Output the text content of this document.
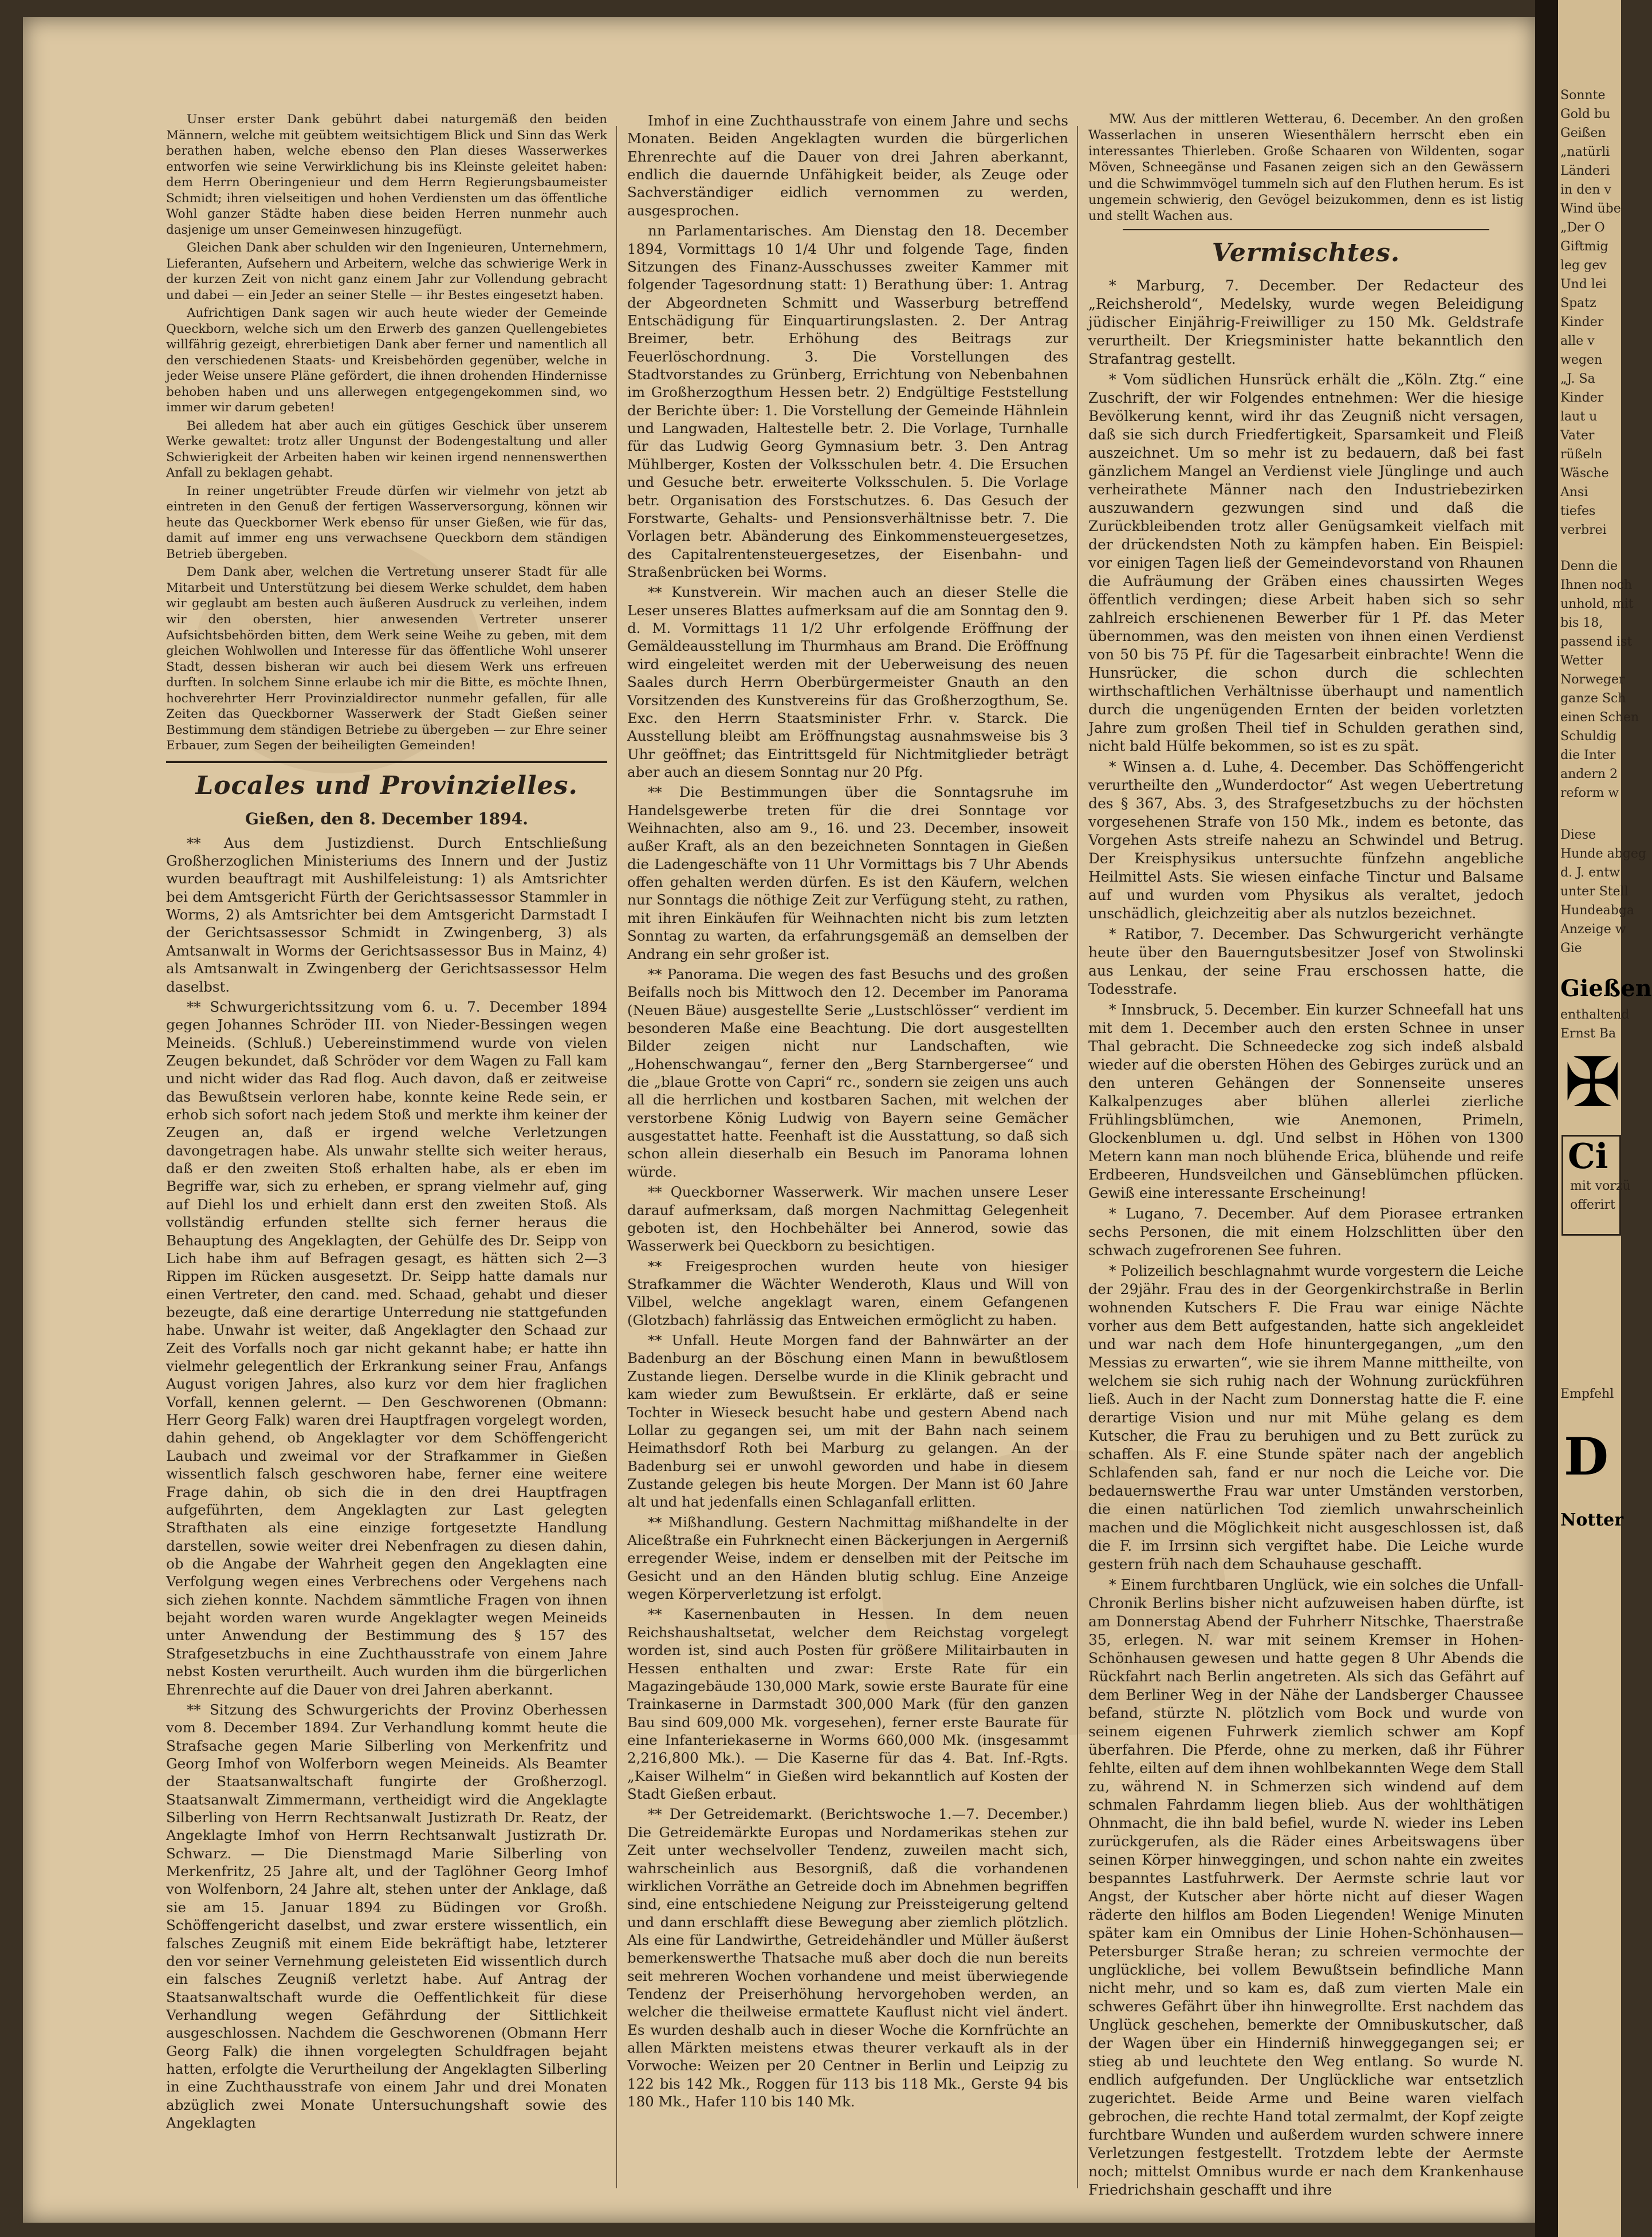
Unser erster Dank gebührt dabei naturgemäß den beiden Männern, welche mit geübtem weitsichtigem Blick und Sinn das Werk berathen haben, welche ebenso den Plan dieses Wasserwerkes entworfen wie seine Verwirklichung bis ins Kleinste geleitet haben: dem Herrn Oberingenieur und dem Herrn Regierungsbaumeister Schmidt; ihren vielseitigen und hohen Verdiensten um das öffentliche Wohl ganzer Städte haben diese beiden Herren nunmehr auch dasjenige um unser Gemeinwesen hinzugefügt.

Gleichen Dank aber schulden wir den Ingenieuren, Unternehmern, Lieferanten, Aufsehern und Arbeitern, welche das schwierige Werk in der kurzen Zeit von nicht ganz einem Jahr zur Vollendung gebracht und dabei — ein Jeder an seiner Stelle — ihr Bestes eingesetzt haben.

Aufrichtigen Dank sagen wir auch heute wieder der Gemeinde Queckborn, welche sich um den Erwerb des ganzen Quellengebietes willfährig gezeigt, ehrerbietigen Dank aber ferner und namentlich all den verschiedenen Staats- und Kreisbehörden gegenüber, welche in jeder Weise unsere Pläne gefördert, die ihnen drohenden Hindernisse behoben haben und uns allerwegen entgegengekommen sind, wo immer wir darum gebeten!

Bei alledem hat aber auch ein gütiges Geschick über unserem Werke gewaltet: trotz aller Ungunst der Bodengestaltung und aller Schwierigkeit der Arbeiten haben wir keinen irgend nennenswerthen Anfall zu beklagen gehabt.

In reiner ungetrübter Freude dürfen wir vielmehr von jetzt ab eintreten in den Genuß der fertigen Wasserversorgung, können wir heute das Queckborner Werk ebenso für unser Gießen, wie für das, damit auf immer eng uns verwachsene Queckborn dem ständigen Betrieb übergeben.

Dem Dank aber, welchen die Vertretung unserer Stadt für alle Mitarbeit und Unterstützung bei diesem Werke schuldet, dem haben wir geglaubt am besten auch äußeren Ausdruck zu verleihen, indem wir den obersten, hier anwesenden Vertreter unserer Aufsichtsbehörden bitten, dem Werk seine Weihe zu geben, mit dem gleichen Wohlwollen und Interesse für das öffentliche Wohl unserer Stadt, dessen bisheran wir auch bei diesem Werk uns erfreuen durften. In solchem Sinne erlaube ich mir die Bitte, es möchte Ihnen, hochverehrter Herr Provinzialdirector nunmehr gefallen, für alle Zeiten das Queckborner Wasserwerk der Stadt Gießen seiner Bestimmung dem ständigen Betriebe zu übergeben — zur Ehre seiner Erbauer, zum Segen der beiheiligten Gemeinden!

Locales und Provinzielles.
Gießen, den 8. December 1894.

** Aus dem Justizdienst. Durch Entschließung Großherzoglichen Ministeriums des Innern und der Justiz wurden beauftragt mit Aushilfeleistung: 1) als Amtsrichter bei dem Amtsgericht Fürth der Gerichtsassessor Stammler in Worms, 2) als Amtsrichter bei dem Amtsgericht Darmstadt I der Gerichtsassessor Schmidt in Zwingenberg, 3) als Amtsanwalt in Worms der Gerichtsassessor Bus in Mainz, 4) als Amtsanwalt in Zwingenberg der Gerichtsassessor Helm daselbst.

** Schwurgerichtssitzung vom 6. u. 7. December 1894 gegen Johannes Schröder III. von Nieder-Bessingen wegen Meineids. (Schluß.) Uebereinstimmend wurde von vielen Zeugen bekundet, daß Schröder vor dem Wagen zu Fall kam und nicht wider das Rad flog. Auch davon, daß er zeitweise das Bewußtsein verloren habe, konnte keine Rede sein, er erhob sich sofort nach jedem Stoß und merkte ihm keiner der Zeugen an, daß er irgend welche Verletzungen davongetragen habe. Als unwahr stellte sich weiter heraus, daß er den zweiten Stoß erhalten habe, als er eben im Begriffe war, sich zu erheben, er sprang vielmehr auf, ging auf Diehl los und erhielt dann erst den zweiten Stoß. Als vollständig erfunden stellte sich ferner heraus die Behauptung des Angeklagten, der Gehülfe des Dr. Seipp von Lich habe ihm auf Befragen gesagt, es hätten sich 2—3 Rippen im Rücken ausgesetzt. Dr. Seipp hatte damals nur einen Vertreter, den cand. med. Schaad, gehabt und dieser bezeugte, daß eine derartige Unterredung nie stattgefunden habe. Unwahr ist weiter, daß Angeklagter den Schaad zur Zeit des Vorfalls noch gar nicht gekannt habe; er hatte ihn vielmehr gelegentlich der Erkrankung seiner Frau, Anfangs August vorigen Jahres, also kurz vor dem hier fraglichen Vorfall, kennen gelernt. — Den Geschworenen (Obmann: Herr Georg Falk) waren drei Hauptfragen vorgelegt worden, dahin gehend, ob Angeklagter vor dem Schöffengericht Laubach und zweimal vor der Strafkammer in Gießen wissentlich falsch geschworen habe, ferner eine weitere Frage dahin, ob sich die in den drei Hauptfragen aufgeführten, dem Angeklagten zur Last gelegten Strafthaten als eine einzige fortgesetzte Handlung darstellen, sowie weiter drei Nebenfragen zu diesen dahin, ob die Angabe der Wahrheit gegen den Angeklagten eine Verfolgung wegen eines Verbrechens oder Vergehens nach sich ziehen konnte. Nachdem sämmtliche Fragen von ihnen bejaht worden waren wurde Angeklagter wegen Meineids unter Anwendung der Bestimmung des § 157 des Strafgesetzbuchs in eine Zuchthausstrafe von einem Jahre nebst Kosten verurtheilt. Auch wurden ihm die bürgerlichen Ehrenrechte auf die Dauer von drei Jahren aberkannt.

** Sitzung des Schwurgerichts der Provinz Oberhessen vom 8. December 1894. Zur Verhandlung kommt heute die Strafsache gegen Marie Silberling von Merkenfritz und Georg Imhof von Wolferborn wegen Meineids. Als Beamter der Staatsanwaltschaft fungirte der Großherzogl. Staatsanwalt Zimmermann, vertheidigt wird die Angeklagte Silberling von Herrn Rechtsanwalt Justizrath Dr. Reatz, der Angeklagte Imhof von Herrn Rechtsanwalt Justizrath Dr. Schwarz. — Die Dienstmagd Marie Silberling von Merkenfritz, 25 Jahre alt, und der Taglöhner Georg Imhof von Wolfenborn, 24 Jahre alt, stehen unter der Anklage, daß sie am 15. Januar 1894 zu Büdingen vor Großh. Schöffengericht daselbst, und zwar erstere wissentlich, ein falsches Zeugniß mit einem Eide bekräftigt habe, letzterer den vor seiner Vernehmung geleisteten Eid wissentlich durch ein falsches Zeugniß verletzt habe. Auf Antrag der Staatsanwaltschaft wurde die Oeffentlichkeit für diese Verhandlung wegen Gefährdung der Sittlichkeit ausgeschlossen. Nachdem die Geschworenen (Obmann Herr Georg Falk) die ihnen vorgelegten Schuldfragen bejaht hatten, erfolgte die Verurtheilung der Angeklagten Silberling in eine Zuchthausstrafe von einem Jahr und drei Monaten abzüglich zwei Monate Untersuchungshaft sowie des Angeklagten

Imhof in eine Zuchthausstrafe von einem Jahre und sechs Monaten. Beiden Angeklagten wurden die bürgerlichen Ehrenrechte auf die Dauer von drei Jahren aberkannt, endlich die dauernde Unfähigkeit beider, als Zeuge oder Sachverständiger eidlich vernommen zu werden, ausgesprochen.

nn Parlamentarisches. Am Dienstag den 18. December 1894, Vormittags 10 1/4 Uhr und folgende Tage, finden Sitzungen des Finanz-Ausschusses zweiter Kammer mit folgender Tagesordnung statt: 1) Berathung über: 1. Antrag der Abgeordneten Schmitt und Wasserburg betreffend Entschädigung für Einquartirungslasten. 2. Der Antrag Breimer, betr. Erhöhung des Beitrags zur Feuerlöschordnung. 3. Die Vorstellungen des Stadtvorstandes zu Grünberg, Errichtung von Nebenbahnen im Großherzogthum Hessen betr. 2) Endgültige Feststellung der Berichte über: 1. Die Vorstellung der Gemeinde Hähnlein und Langwaden, Haltestelle betr. 2. Die Vorlage, Turnhalle für das Ludwig Georg Gymnasium betr. 3. Den Antrag Mühlberger, Kosten der Volksschulen betr. 4. Die Ersuchen und Gesuche betr. erweiterte Volksschulen. 5. Die Vorlage betr. Organisation des Forstschutzes. 6. Das Gesuch der Forstwarte, Gehalts- und Pensionsverhältnisse betr. 7. Die Vorlagen betr. Abänderung des Einkommensteuergesetzes, des Capitalrentensteuergesetzes, der Eisenbahn- und Straßenbrücken bei Worms.

** Kunstverein. Wir machen auch an dieser Stelle die Leser unseres Blattes aufmerksam auf die am Sonntag den 9. d. M. Vormittags 11 1/2 Uhr erfolgende Eröffnung der Gemäldeausstellung im Thurmhaus am Brand. Die Eröffnung wird eingeleitet werden mit der Ueberweisung des neuen Saales durch Herrn Oberbürgermeister Gnauth an den Vorsitzenden des Kunstvereins für das Großherzogthum, Se. Exc. den Herrn Staatsminister Frhr. v. Starck. Die Ausstellung bleibt am Eröffnungstag ausnahmsweise bis 3 Uhr geöffnet; das Eintrittsgeld für Nichtmitglieder beträgt aber auch an diesem Sonntag nur 20 Pfg.

** Die Bestimmungen über die Sonntagsruhe im Handelsgewerbe treten für die drei Sonntage vor Weihnachten, also am 9., 16. und 23. December, insoweit außer Kraft, als an den bezeichneten Sonntagen in Gießen die Ladengeschäfte von 11 Uhr Vormittags bis 7 Uhr Abends offen gehalten werden dürfen. Es ist den Käufern, welchen nur Sonntags die nöthige Zeit zur Verfügung steht, zu rathen, mit ihren Einkäufen für Weihnachten nicht bis zum letzten Sonntag zu warten, da erfahrungsgemäß an demselben der Andrang ein sehr großer ist.

** Panorama. Die wegen des fast Besuchs und des großen Beifalls noch bis Mittwoch den 12. December im Panorama (Neuen Bäue) ausgestellte Serie „Lustschlösser“ verdient im besonderen Maße eine Beachtung. Die dort ausgestellten Bilder zeigen nicht nur Landschaften, wie „Hohenschwangau“, ferner den „Berg Starnbergersee“ und die „blaue Grotte von Capri“ rc., sondern sie zeigen uns auch all die herrlichen und kostbaren Sachen, mit welchen der verstorbene König Ludwig von Bayern seine Gemächer ausgestattet hatte. Feenhaft ist die Ausstattung, so daß sich schon allein dieserhalb ein Besuch im Panorama lohnen würde.

** Queckborner Wasserwerk. Wir machen unsere Leser darauf aufmerksam, daß morgen Nachmittag Gelegenheit geboten ist, den Hochbehälter bei Annerod, sowie das Wasserwerk bei Queckborn zu besichtigen.

** Freigesprochen wurden heute von hiesiger Strafkammer die Wächter Wenderoth, Klaus und Will von Vilbel, welche angeklagt waren, einem Gefangenen (Glotzbach) fahrlässig das Entweichen ermöglicht zu haben.

** Unfall. Heute Morgen fand der Bahnwärter an der Badenburg an der Böschung einen Mann in bewußtlosem Zustande liegen. Derselbe wurde in die Klinik gebracht und kam wieder zum Bewußtsein. Er erklärte, daß er seine Tochter in Wieseck besucht habe und gestern Abend nach Lollar zu gegangen sei, um mit der Bahn nach seinem Heimathsdorf Roth bei Marburg zu gelangen. An der Badenburg sei er unwohl geworden und habe in diesem Zustande gelegen bis heute Morgen. Der Mann ist 60 Jahre alt und hat jedenfalls einen Schlaganfall erlitten.

** Mißhandlung. Gestern Nachmittag mißhandelte in der Aliceßtraße ein Fuhrknecht einen Bäckerjungen in Aergerniß erregender Weise, indem er denselben mit der Peitsche im Gesicht und an den Händen blutig schlug. Eine Anzeige wegen Körperverletzung ist erfolgt.

** Kasernenbauten in Hessen. In dem neuen Reichshaushaltsetat, welcher dem Reichstag vorgelegt worden ist, sind auch Posten für größere Militairbauten in Hessen enthalten und zwar: Erste Rate für ein Magazingebäude 130,000 Mark, sowie erste Baurate für eine Trainkaserne in Darmstadt 300,000 Mark (für den ganzen Bau sind 609,000 Mk. vorgesehen), ferner erste Baurate für eine Infanteriekaserne in Worms 660,000 Mk. (insgesammt 2,216,800 Mk.). — Die Kaserne für das 4. Bat. Inf.-Rgts. „Kaiser Wilhelm“ in Gießen wird bekanntlich auf Kosten der Stadt Gießen erbaut.

** Der Getreidemarkt. (Berichtswoche 1.—7. December.) Die Getreidemärkte Europas und Nordamerikas stehen zur Zeit unter wechselvoller Tendenz, zuweilen macht sich, wahrscheinlich aus Besorgniß, daß die vorhandenen wirklichen Vorräthe an Getreide doch im Abnehmen begriffen sind, eine entschiedene Neigung zur Preissteigerung geltend und dann erschlafft diese Bewegung aber ziemlich plötzlich. Als eine für Landwirthe, Getreidehändler und Müller äußerst bemerkenswerthe Thatsache muß aber doch die nun bereits seit mehreren Wochen vorhandene und meist überwiegende Tendenz der Preiserhöhung hervorgehoben werden, an welcher die theilweise ermattete Kauflust nicht viel ändert. Es wurden deshalb auch in dieser Woche die Kornfrüchte an allen Märkten meistens etwas theurer verkauft als in der Vorwoche: Weizen per 20 Centner in Berlin und Leipzig zu 122 bis 142 Mk., Roggen für 113 bis 118 Mk., Gerste 94 bis 180 Mk., Hafer 110 bis 140 Mk.

MW. Aus der mittleren Wetterau, 6. December. An den großen Wasserlachen in unseren Wiesenthälern herrscht eben ein interessantes Thierleben. Große Schaaren von Wildenten, sogar Möven, Schneegänse und Fasanen zeigen sich an den Gewässern und die Schwimmvögel tummeln sich auf den Fluthen herum. Es ist ungemein schwierig, den Gevögel beizukommen, denn es ist listig und stellt Wachen aus.

Vermischtes.

* Marburg, 7. December. Der Redacteur des „Reichsherold“, Medelsky, wurde wegen Beleidigung jüdischer Einjährig-Freiwilliger zu 150 Mk. Geldstrafe verurtheilt. Der Kriegsminister hatte bekanntlich den Strafantrag gestellt.

* Vom südlichen Hunsrück erhält die „Köln. Ztg.“ eine Zuschrift, der wir Folgendes entnehmen: Wer die hiesige Bevölkerung kennt, wird ihr das Zeugniß nicht versagen, daß sie sich durch Friedfertigkeit, Sparsamkeit und Fleiß auszeichnet. Um so mehr ist zu bedauern, daß bei fast gänzlichem Mangel an Verdienst viele Jünglinge und auch verheirathete Männer nach den Industriebezirken auszuwandern gezwungen sind und daß die Zurückbleibenden trotz aller Genügsamkeit vielfach mit der drückendsten Noth zu kämpfen haben. Ein Beispiel: vor einigen Tagen ließ der Gemeindevorstand von Rhaunen die Aufräumung der Gräben eines chaussirten Weges öffentlich verdingen; diese Arbeit haben sich so sehr zahlreich erschienenen Bewerber für 1 Pf. das Meter übernommen, was den meisten von ihnen einen Verdienst von 50 bis 75 Pf. für die Tagesarbeit einbrachte! Wenn die Hunsrücker, die schon durch die schlechten wirthschaftlichen Verhältnisse überhaupt und namentlich durch die ungenügenden Ernten der beiden vorletzten Jahre zum großen Theil tief in Schulden gerathen sind, nicht bald Hülfe bekommen, so ist es zu spät.

* Winsen a. d. Luhe, 4. December. Das Schöffengericht verurtheilte den „Wunderdoctor“ Ast wegen Uebertretung des § 367, Abs. 3, des Strafgesetzbuchs zu der höchsten vorgesehenen Strafe von 150 Mk., indem es betonte, das Vorgehen Asts streife nahezu an Schwindel und Betrug. Der Kreisphysikus untersuchte fünfzehn angebliche Heilmittel Asts. Sie wiesen einfache Tinctur und Balsame auf und wurden vom Physikus als veraltet, jedoch unschädlich, gleichzeitig aber als nutzlos bezeichnet.

* Ratibor, 7. December. Das Schwurgericht verhängte heute über den Bauerngutsbesitzer Josef von Stwolinski aus Lenkau, der seine Frau erschossen hatte, die Todesstrafe.

* Innsbruck, 5. December. Ein kurzer Schneefall hat uns mit dem 1. December auch den ersten Schnee in unser Thal gebracht. Die Schneedecke zog sich indeß alsbald wieder auf die obersten Höhen des Gebirges zurück und an den unteren Gehängen der Sonnenseite unseres Kalkalpenzuges aber blühen allerlei zierliche Frühlingsblümchen, wie Anemonen, Primeln, Glockenblumen u. dgl. Und selbst in Höhen von 1300 Metern kann man noch blühende Erica, blühende und reife Erdbeeren, Hundsveilchen und Gänseblümchen pflücken. Gewiß eine interessante Erscheinung!

* Lugano, 7. December. Auf dem Piorasee ertranken sechs Personen, die mit einem Holzschlitten über den schwach zugefrorenen See fuhren.

* Polizeilich beschlagnahmt wurde vorgestern die Leiche der 29jähr. Frau des in der Georgenkirchstraße in Berlin wohnenden Kutschers F. Die Frau war einige Nächte vorher aus dem Bett aufgestanden, hatte sich angekleidet und war nach dem Hofe hinuntergegangen, „um den Messias zu erwarten“, wie sie ihrem Manne mittheilte, von welchem sie sich ruhig nach der Wohnung zurückführen ließ. Auch in der Nacht zum Donnerstag hatte die F. eine derartige Vision und nur mit Mühe gelang es dem Kutscher, die Frau zu beruhigen und zu Bett zurück zu schaffen. Als F. eine Stunde später nach der angeblich Schlafenden sah, fand er nur noch die Leiche vor. Die bedauernswerthe Frau war unter Umständen verstorben, die einen natürlichen Tod ziemlich unwahrscheinlich machen und die Möglichkeit nicht ausgeschlossen ist, daß die F. im Irrsinn sich vergiftet habe. Die Leiche wurde gestern früh nach dem Schauhause geschafft.

* Einem furchtbaren Unglück, wie ein solches die Unfall-Chronik Berlins bisher nicht aufzuweisen haben dürfte, ist am Donnerstag Abend der Fuhrherr Nitschke, Thaerstraße 35, erlegen. N. war mit seinem Kremser in Hohen-Schönhausen gewesen und hatte gegen 8 Uhr Abends die Rückfahrt nach Berlin angetreten. Als sich das Gefährt auf dem Berliner Weg in der Nähe der Landsberger Chaussee befand, stürzte N. plötzlich vom Bock und wurde von seinem eigenen Fuhrwerk ziemlich schwer am Kopf überfahren. Die Pferde, ohne zu merken, daß ihr Führer fehlte, eilten auf dem ihnen wohlbekannten Wege dem Stall zu, während N. in Schmerzen sich windend auf dem schmalen Fahrdamm liegen blieb. Aus der wohlthätigen Ohnmacht, die ihn bald befiel, wurde N. wieder ins Leben zurückgerufen, als die Räder eines Arbeitswagens über seinen Körper hinweggingen, und schon nahte ein zweites bespanntes Lastfuhrwerk. Der Aermste schrie laut vor Angst, der Kutscher aber hörte nicht auf dieser Wagen räderte den hilflos am Boden Liegenden! Wenige Minuten später kam ein Omnibus der Linie Hohen-Schönhausen—Petersburger Straße heran; zu schreien vermochte der unglückliche, bei vollem Bewußtsein befindliche Mann nicht mehr, und so kam es, daß zum vierten Male ein schweres Gefährt über ihn hinwegrollte. Erst nachdem das Unglück geschehen, bemerkte der Omnibuskutscher, daß der Wagen über ein Hinderniß hinweggegangen sei; er stieg ab und leuchtete den Weg entlang. So wurde N. endlich aufgefunden. Der Unglückliche war entsetzlich zugerichtet. Beide Arme und Beine waren vielfach gebrochen, die rechte Hand total zermalmt, der Kopf zeigte furchtbare Wunden und außerdem wurden schwere innere Verletzungen festgestellt. Trotzdem lebte der Aermste noch; mittelst Omnibus wurde er nach dem Krankenhause Friedrichshain geschafft und ihre

Sonnte
Gold bu
Geißen
„natürli
Länderi
in den v
Wind übe
„Der O
Giftmig
leg gev
Und lei
Spatz
Kinder
alle v
wegen
„J. Sa
Kinder
laut u
Vater
rüßeln
Wäsche
Ansi
tiefes
verbrei
Denn die
Ihnen noch
unhold, mit
bis 18,
passend ist
Wetter
Norweger
ganze Sch
einen Schen
Schuldig
die Inter
andern 2
reform w
Diese
Hunde abgeg
d. J. entw
unter Stell
Hundeabga
Anzeige w
Gie
Gießen
enthaltend
Ernst Ba
✠
Ci
mit vorzü
offerirt
Empfehl
D
Notter
